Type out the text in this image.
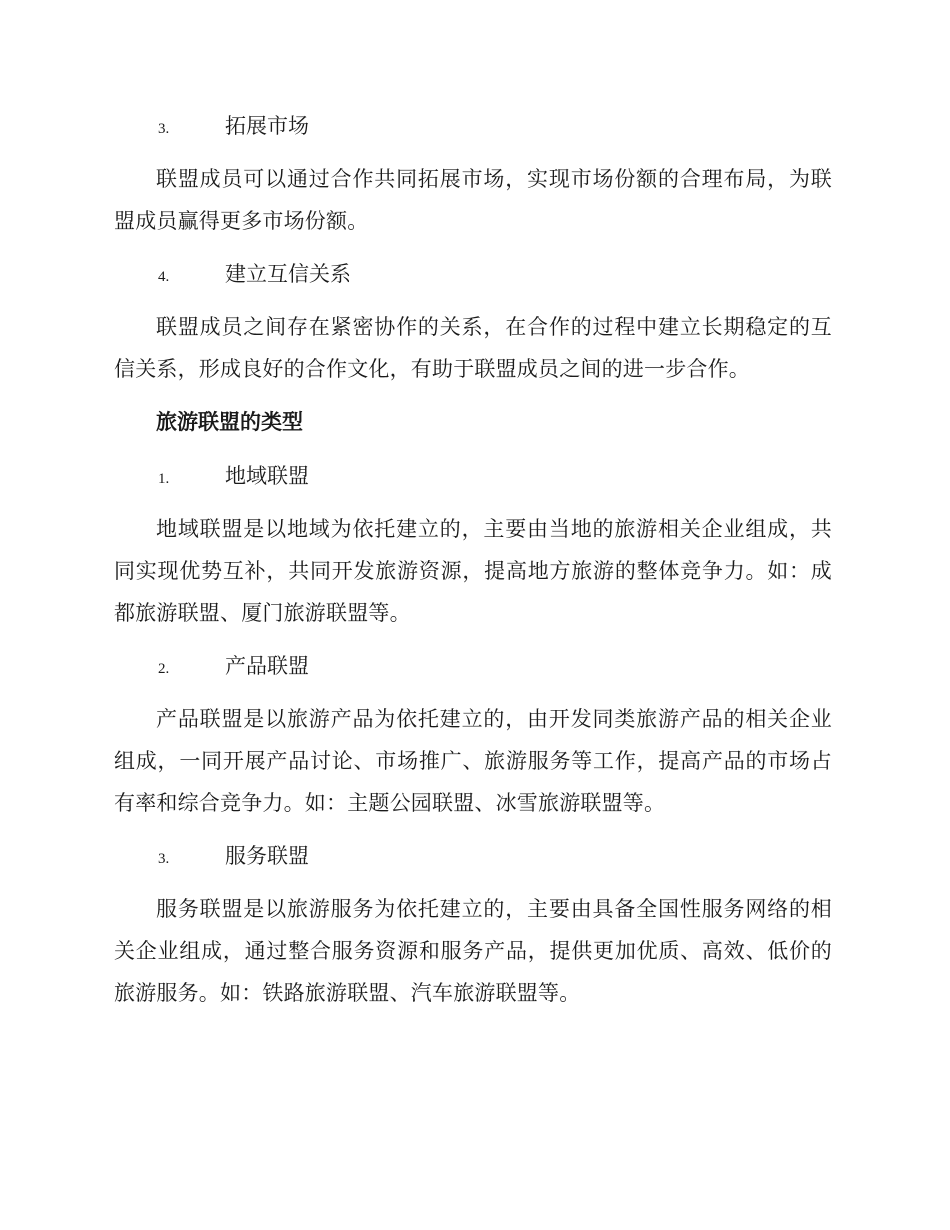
3.	拓展市场

联盟成员可以通过合作共同拓展市场，实现市场份额的合理布局，为联盟成员赢得更多市场份额。

4.	建立互信关系

联盟成员之间存在紧密协作的关系，在合作的过程中建立长期稳定的互信关系，形成良好的合作文化，有助于联盟成员之间的进一步合作。

旅游联盟的类型
1.	地域联盟

地域联盟是以地域为依托建立的，主要由当地的旅游相关企业组成，共同实现优势互补，共同开发旅游资源，提高地方旅游的整体竞争力。如：成都旅游联盟、厦门旅游联盟等。

2.	产品联盟

产品联盟是以旅游产品为依托建立的，由开发同类旅游产品的相关企业组成，一同开展产品讨论、市场推广、旅游服务等工作，提高产品的市场占有率和综合竞争力。如：主题公园联盟、冰雪旅游联盟等。

3.	服务联盟

服务联盟是以旅游服务为依托建立的，主要由具备全国性服务网络的相关企业组成，通过整合服务资源和服务产品，提供更加优质、高效、低价的旅游服务。如：铁路旅游联盟、汽车旅游联盟等。
